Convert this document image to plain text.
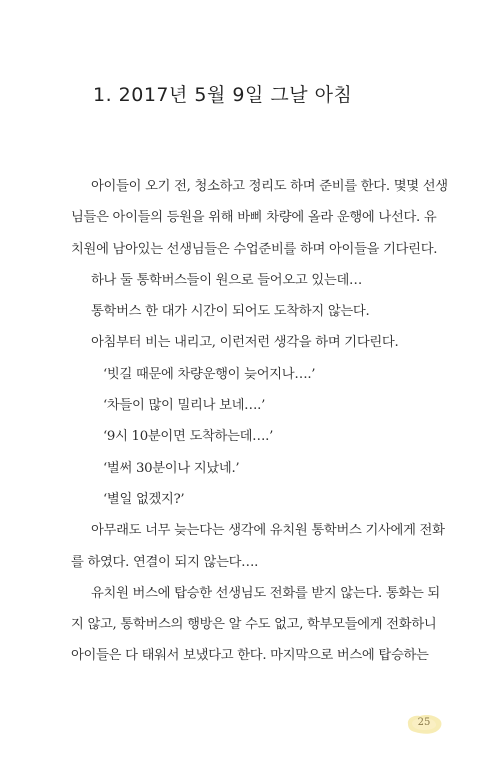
1. 2017년 5월 9일 그날 아침

아이들이 오기 전, 청소하고 정리도 하며 준비를 한다. 몇몇 선생

님들은 아이들의 등원을 위해 바삐 차량에 올라 운행에 나선다. 유

치원에 남아있는 선생님들은 수업준비를 하며 아이들을 기다린다.

하나 둘 통학버스들이 원으로 들어오고 있는데…

통학버스 한 대가 시간이 되어도 도착하지 않는다.

아침부터 비는 내리고, 이런저런 생각을 하며 기다린다.

‘빗길 때문에 차량운행이 늦어지나….’

‘차들이 많이 밀리나 보네….’

‘9시 10분이면 도착하는데….’

‘벌써 30분이나 지났네.’

‘별일 없겠지?’

아무래도 너무 늦는다는 생각에 유치원 통학버스 기사에게 전화

를 하였다. 연결이 되지 않는다….

유치원 버스에 탑승한 선생님도 전화를 받지 않는다. 통화는 되

지 않고, 통학버스의 행방은 알 수도 없고, 학부모들에게 전화하니

아이들은 다 태워서 보냈다고 한다. 마지막으로 버스에 탑승하는

25
